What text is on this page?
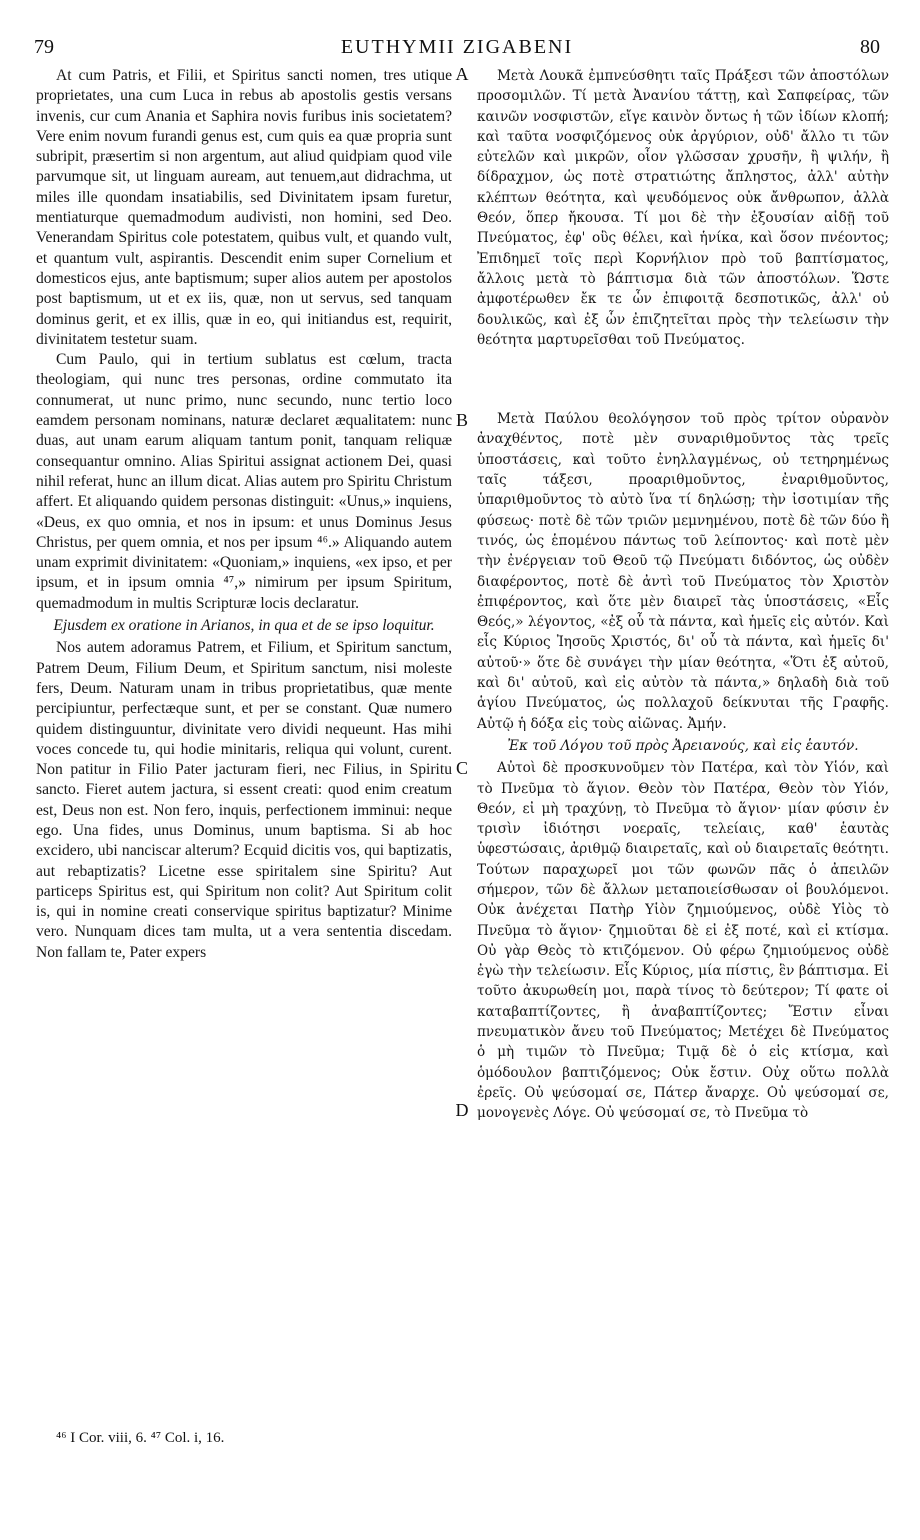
79	EUTHYMII ZIGABENI	80

At cum Patris, et Filii, et Spiritus sancti nomen, tres utique proprietates, una cum Luca in rebus ab apostolis gestis versans invenis, cur cum Anania et Saphira novis furibus inis societatem? Vere enim novum furandi genus est, cum quis ea quæ propria sunt subripit, præsertim si non argentum, aut aliud quidpiam quod vile parvumque sit, ut linguam auream, aut tenuem,aut didrachma, ut miles ille quondam insatiabilis, sed Divinitatem ipsam furetur, mentiaturque quemadmodum audivisti, non homini, sed Deo. Venerandam Spiritus cole potestatem, quibus vult, et quando vult, et quantum vult, aspirantis. Descendit enim super Cornelium et domesticos ejus, ante baptismum; super alios autem per apostolos post baptismum, ut et ex iis, quæ, non ut servus, sed tanquam dominus gerit, et ex illis, quæ in eo, qui initiandus est, requirit, divinitatem testetur suam.

Cum Paulo, qui in tertium sublatus est cœlum, tracta theologiam, qui nunc tres personas, ordine commutato ita connumerat, ut nunc primo, nunc secundo, nunc tertio loco eamdem personam nominans, naturæ declaret æqualitatem: nunc duas, aut unam earum aliquam tantum ponit, tanquam reliquæ consequantur omnino. Alias Spiritui assignat actionem Dei, quasi nihil referat, hunc an illum dicat. Alias autem pro Spiritu Christum affert. Et aliquando quidem personas distinguit: «Unus,» inquiens, «Deus, ex quo omnia, et nos in ipsum: et unus Dominus Jesus Christus, per quem omnia, et nos per ipsum ⁴⁶.» Aliquando autem unam exprimit divinitatem: «Quoniam,» inquiens, «ex ipso, et per ipsum, et in ipsum omnia ⁴⁷,» nimirum per ipsum Spiritum, quemadmodum in multis Scripturæ locis declaratur.

Ejusdem ex oratione in Arianos, in qua et de se ipso loquitur.

Nos autem adoramus Patrem, et Filium, et Spiritum sanctum, Patrem Deum, Filium Deum, et Spiritum sanctum, nisi moleste fers, Deum. Naturam unam in tribus proprietatibus, quæ mente percipiuntur, perfectæque sunt, et per se constant. Quæ numero quidem distinguuntur, divinitate vero dividi nequeunt. Has mihi voces concede tu, qui hodie minitaris, reliqua qui volunt, curent. Non patitur in Filio Pater jacturam fieri, nec Filius, in Spiritu sancto. Fieret autem jactura, si essent creati: quod enim creatum est, Deus non est. Non fero, inquis, perfectionem imminui: neque ego. Una fides, unus Dominus, unum baptisma. Si ab hoc excidero, ubi nanciscar alterum? Ecquid dicitis vos, qui baptizatis, aut rebaptizatis? Licetne esse spiritalem sine Spiritu? Aut particeps Spiritus est, qui Spiritum non colit? Aut Spiritum colit is, qui in nomine creati conservique spiritus baptizatur? Minime vero. Nunquam dices tam multa, ut a vera sententia discedam. Non fallam te, Pater expers

A
B
C
D

Μετὰ Λουκᾶ ἐμπνεύσθητι ταῖς Πράξεσι τῶν ἀποστόλων προσομιλῶν. Τί μετὰ Ἀνανίου τάττῃ, καὶ Σαπφείρας, τῶν καινῶν νοσφιστῶν, εἴγε καινὸν ὄντως ἡ τῶν ἰδίων κλοπή; καὶ ταῦτα νοσφιζόμενος οὐκ ἀργύριον, οὐδ' ἄλλο τι τῶν εὐτελῶν καὶ μικρῶν, οἷον γλῶσσαν χρυσῆν, ἢ ψιλήν, ἢ δίδραχμον, ὡς ποτὲ στρατιώτης ἄπληστος, ἀλλ' αὐτὴν κλέπτων θεότητα, καὶ ψευδόμενος οὐκ ἄνθρωπον, ἀλλὰ Θεόν, ὅπερ ἤκουσα. Τί μοι δὲ τὴν ἐξουσίαν αἰδῇ τοῦ Πνεύματος, ἐφ' οὓς θέλει, καὶ ἡνίκα, καὶ ὅσον πνέοντος; Ἐπιδημεῖ τοῖς περὶ Κορνήλιον πρὸ τοῦ βαπτίσματος, ἄλλοις μετὰ τὸ βάπτισμα διὰ τῶν ἀποστόλων. Ὥστε ἀμφοτέρωθεν ἔκ τε ὧν ἐπιφοιτᾷ δεσποτικῶς, ἀλλ' οὐ δουλικῶς, καὶ ἐξ ὧν ἐπιζητεῖται πρὸς τὴν τελείωσιν τὴν θεότητα μαρτυρεῖσθαι τοῦ Πνεύματος.

Μετὰ Παύλου θεολόγησον τοῦ πρὸς τρίτον οὐρανὸν ἀναχθέντος, ποτὲ μὲν συναριθμοῦντος τὰς τρεῖς ὑποστάσεις, καὶ τοῦτο ἐνηλλαγμένως, οὐ τετηρημένως ταῖς τάξεσι, προαριθμοῦντος, ἐναριθμοῦντος, ὑπαριθμοῦντος τὸ αὐτὸ ἵνα τί δηλώσῃ; τὴν ἰσοτιμίαν τῆς φύσεως· ποτὲ δὲ τῶν τριῶν μεμνημένου, ποτὲ δὲ τῶν δύο ἢ τινός, ὡς ἑπομένου πάντως τοῦ λείποντος· καὶ ποτὲ μὲν τὴν ἐνέργειαν τοῦ Θεοῦ τῷ Πνεύματι διδόντος, ὡς οὐδὲν διαφέροντος, ποτὲ δὲ ἀντὶ τοῦ Πνεύματος τὸν Χριστὸν ἐπιφέροντος, καὶ ὅτε μὲν διαιρεῖ τὰς ὑποστάσεις, «Εἷς Θεός,» λέγοντος, «ἐξ οὗ τὰ πάντα, καὶ ἡμεῖς εἰς αὐτόν. Καὶ εἷς Κύριος Ἰησοῦς Χριστός, δι' οὗ τὰ πάντα, καὶ ἡμεῖς δι' αὐτοῦ·» ὅτε δὲ συνάγει τὴν μίαν θεότητα, «Ὅτι ἐξ αὐτοῦ, καὶ δι' αὐτοῦ, καὶ εἰς αὐτὸν τὰ πάντα,» δηλαδὴ διὰ τοῦ ἁγίου Πνεύματος, ὡς πολλαχοῦ δείκνυται τῆς Γραφῆς. Αὐτῷ ἡ δόξα εἰς τοὺς αἰῶνας. Ἀμήν.

Ἐκ τοῦ Λόγου τοῦ πρὸς Ἀρειανούς, καὶ εἰς ἑαυτόν.

Αὐτοὶ δὲ προσκυνοῦμεν τὸν Πατέρα, καὶ τὸν Υἱόν, καὶ τὸ Πνεῦμα τὸ ἅγιον. Θεὸν τὸν Πατέρα, Θεὸν τὸν Υἱόν, Θεόν, εἰ μὴ τραχύνῃ, τὸ Πνεῦμα τὸ ἅγιον· μίαν φύσιν ἐν τρισὶν ἰδιότησι νοεραῖς, τελείαις, καθ' ἑαυτὰς ὑφεστώσαις, ἀριθμῷ διαιρεταῖς, καὶ οὐ διαιρεταῖς θεότητι. Τούτων παραχωρεῖ μοι τῶν φωνῶν πᾶς ὁ ἀπειλῶν σήμερον, τῶν δὲ ἄλλων μεταποιείσθωσαν οἱ βουλόμενοι. Οὐκ ἀνέχεται Πατὴρ Υἱὸν ζημιούμενος, οὐδὲ Υἱὸς τὸ Πνεῦμα τὸ ἅγιον· ζημιοῦται δὲ εἰ ἐξ ποτέ, καὶ εἰ κτίσμα. Οὐ γὰρ Θεὸς τὸ κτιζόμενον. Οὐ φέρω ζημιούμενος οὐδὲ ἐγὼ τὴν τελείωσιν. Εἷς Κύριος, μία πίστις, ἓν βάπτισμα. Εἰ τοῦτο ἀκυρωθείη μοι, παρὰ τίνος τὸ δεύτερον; Τί φατε οἱ καταβαπτίζοντες, ἢ ἀναβαπτίζοντες; Ἔστιν εἶναι πνευματικὸν ἄνευ τοῦ Πνεύματος; Μετέχει δὲ Πνεύματος ὁ μὴ τιμῶν τὸ Πνεῦμα; Τιμᾷ δὲ ὁ εἰς κτίσμα, καὶ ὁμόδουλον βαπτιζόμενος; Οὐκ ἔστιν. Οὐχ οὕτω πολλὰ ἐρεῖς. Οὐ ψεύσομαί σε, Πάτερ ἄναρχε. Οὐ ψεύσομαί σε, μονογενὲς Λόγε. Οὐ ψεύσομαί σε, τὸ Πνεῦμα τὸ

⁴⁶ I Cor. viii, 6. ⁴⁷ Col. i, 16.
